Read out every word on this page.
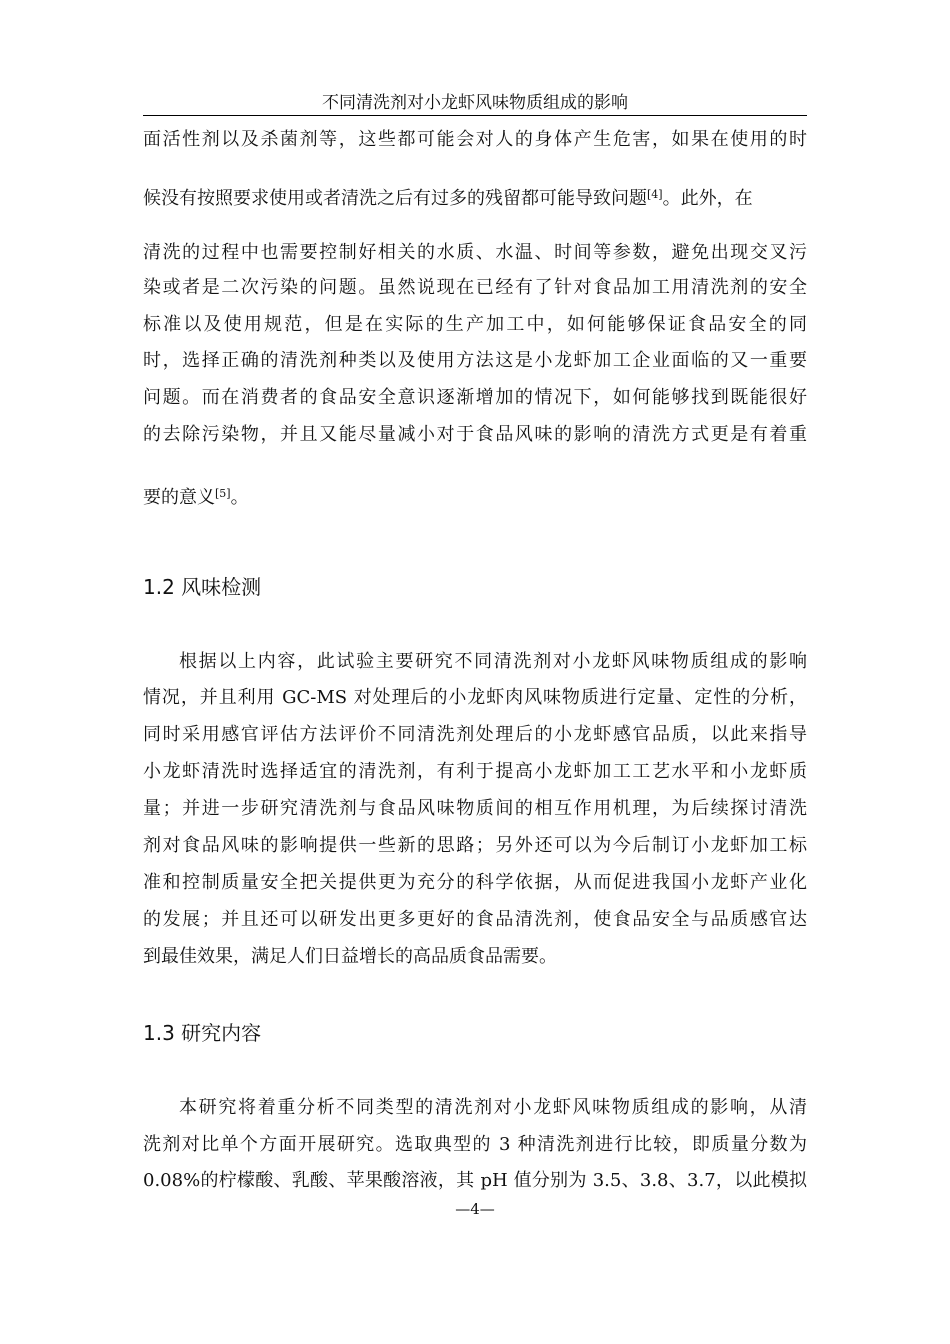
不同清洗剂对小龙虾风味物质组成的影响
面活性剂以及杀菌剂等，这些都可能会对人的身体产生危害，如果在使用的时
候没有按照要求使用或者清洗之后有过多的残留都可能导致问题[4]。此外，在
清洗的过程中也需要控制好相关的水质、水温、时间等参数，避免出现交叉污
染或者是二次污染的问题。虽然说现在已经有了针对食品加工用清洗剂的安全
标准以及使用规范，但是在实际的生产加工中，如何能够保证食品安全的同
时，选择正确的清洗剂种类以及使用方法这是小龙虾加工企业面临的又一重要
问题。而在消费者的食品安全意识逐渐增加的情况下，如何能够找到既能很好
的去除污染物，并且又能尽量减小对于食品风味的影响的清洗方式更是有着重
要的意义[5]。
1.2 风味检测
根据以上内容，此试验主要研究不同清洗剂对小龙虾风味物质组成的影响
情况，并且利用 GC-MS 对处理后的小龙虾肉风味物质进行定量、定性的分析，
同时采用感官评估方法评价不同清洗剂处理后的小龙虾感官品质，以此来指导
小龙虾清洗时选择适宜的清洗剂，有利于提高小龙虾加工工艺水平和小龙虾质
量；并进一步研究清洗剂与食品风味物质间的相互作用机理，为后续探讨清洗
剂对食品风味的影响提供一些新的思路；另外还可以为今后制订小龙虾加工标
准和控制质量安全把关提供更为充分的科学依据，从而促进我国小龙虾产业化
的发展；并且还可以研发出更多更好的食品清洗剂，使食品安全与品质感官达
到最佳效果，满足人们日益增长的高品质食品需要。
1.3 研究内容
本研究将着重分析不同类型的清洗剂对小龙虾风味物质组成的影响，从清
洗剂对比单个方面开展研究。选取典型的 3 种清洗剂进行比较，即质量分数为
0.08%的柠檬酸、乳酸、苹果酸溶液，其 pH 值分别为 3.5、3.8、3.7，以此模拟
—4—
